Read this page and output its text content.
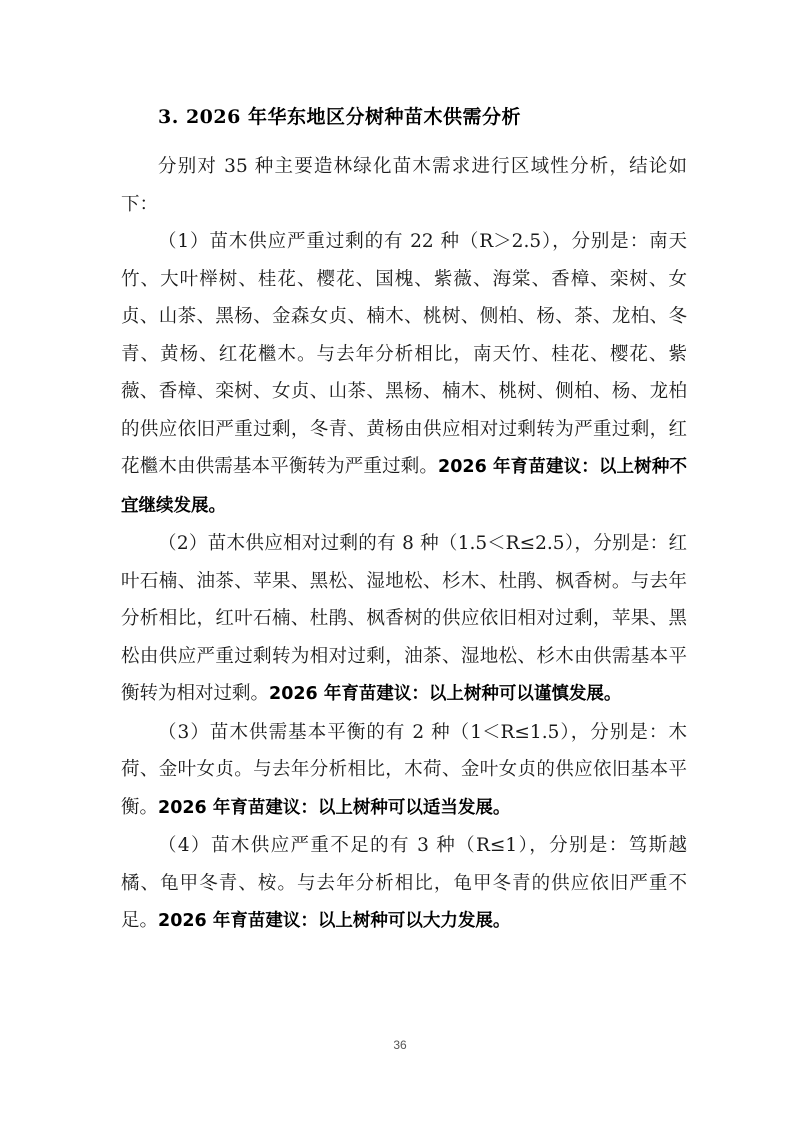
3. 2026 年华东地区分树种苗木供需分析

分别对 35 种主要造林绿化苗木需求进行区域性分析，结论如下：

（1）苗木供应严重过剩的有 22 种（R＞2.5），分别是：南天竹、大叶榉树、桂花、樱花、国槐、紫薇、海棠、香樟、栾树、女贞、山茶、黑杨、金森女贞、楠木、桃树、侧柏、杨、茶、龙柏、冬青、黄杨、红花檵木。与去年分析相比，南天竹、桂花、樱花、紫薇、香樟、栾树、女贞、山茶、黑杨、楠木、桃树、侧柏、杨、龙柏的供应依旧严重过剩，冬青、黄杨由供应相对过剩转为严重过剩，红花檵木由供需基本平衡转为严重过剩。2026 年育苗建议：以上树种不宜继续发展。

（2）苗木供应相对过剩的有 8 种（1.5＜R≤2.5），分别是：红叶石楠、油茶、苹果、黑松、湿地松、杉木、杜鹃、枫香树。与去年分析相比，红叶石楠、杜鹃、枫香树的供应依旧相对过剩，苹果、黑松由供应严重过剩转为相对过剩，油茶、湿地松、杉木由供需基本平衡转为相对过剩。2026 年育苗建议：以上树种可以谨慎发展。

（3）苗木供需基本平衡的有 2 种（1＜R≤1.5），分别是：木荷、金叶女贞。与去年分析相比，木荷、金叶女贞的供应依旧基本平衡。2026 年育苗建议：以上树种可以适当发展。

（4）苗木供应严重不足的有 3 种（R≤1），分别是：笃斯越橘、龟甲冬青、桉。与去年分析相比，龟甲冬青的供应依旧严重不足。2026 年育苗建议：以上树种可以大力发展。

36
